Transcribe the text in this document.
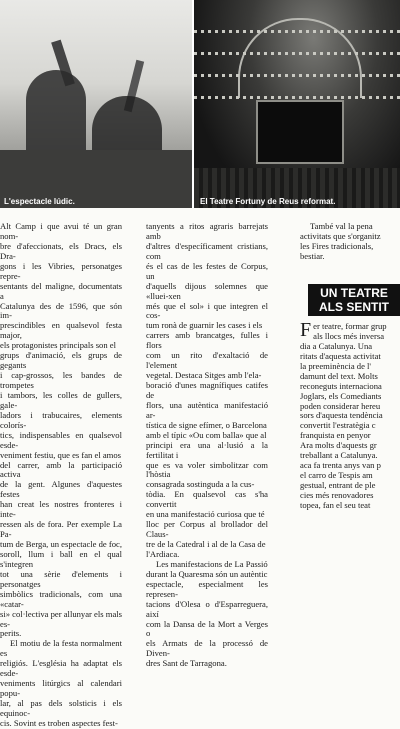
L'espectacle lúdic.	El Teatre Fortuny de Reus reformat.

Alt Camp i que avui té un gran nom-
bre d'afeccionats, els Dracs, els Dra-
gons i les Vibries, personatges repre-
sentants del maligne, documentats a
Catalunya des de 1596, que són im-
prescindibles en qualsevol festa major,
els protagonistes principals son el
grups d'animació, els grups de gegants
i cap-grossos, les bandes de trompetes
i tambors, les colles de gullers, gale-
ladors i trabucaires, elements colorís-
tics, indispensables en qualsevol esde-
veniment festiu, que es fan el amos
del carrer, amb la participació activa
de la gent. Algunes d'aquestes festes
han creat les nostres fronteres i inte-
ressen als de fora. Per exemple La Pa-
tum de Berga, un espectacle de foc,
soroll, llum i ball en el qual s'integren
tot una sèrie d'elements i personatges
simbòlics tradicionals, com una «catar-
si» col·lectiva per allunyar els mals es-
perits.

El motiu de la festa normalment es
religiós. L'església ha adaptat els esde-
veniments litúrgics al calendari popu-
lar, al pas dels solsticis i els equinoc-
cis. Sovint es troben aspectes fest-

tanyents a ritos agraris barrejats amb
d'altres d'específicament cristians, com
és el cas de les festes de Corpus, un
d'aquells dijous solemnes que «lluei-xen
més que el sol» i que integren el cos-
tum ronà de guarnir les cases i els
carrers amb brancatges, fulles i flors
com un rito d'exaltació de l'element
vegetal. Destaca Sitges amb l'ela-
boració d'unes magnífiques catifes de
flors, una autèntica manifestació ar-
tística de signe efímer, o Barcelona
amb el típic «Ou com balla» que al
principi era una al·lusió a la fertilitat i
que es va voler simbolitzar com l'hòstia
consagrada sostinguda a la cus-
tòdia. En qualsevol cas s'ha convertit
en una manifestació curiosa que té
lloc per Corpus al brollador del Claus-
tre de la Catedral i al de la Casa de
l'Ardiaca.

Les manifestacions de La Passió
durant la Quaresma són un autèntic
espectacle, especialment les represen-
tacions d'Olesa o d'Esparreguera, així
com la Dansa de la Mort a Verges o
els Armats de la processó de Diven-
dres Sant de Tarragona.

També val la pena
activitats que s'organitz
les Fires tradicionals,
bestiar.

UN TEATRE
ALS SENTIT
F er teatre, formar grup
als llocs més inversa
dia a Catalunya. Una
ritats d'aquesta activitat
la preeminència de l'
damunt del text. Molts
reconeguts internaciona
Joglars, els Comediants
poden considerar hereu
sors d'aquesta tendència
convertit l'estratègia c
franquista en penyor
Ara molts d'aquests gr
treballant a Catalunya.
aca fa trenta anys van p
el carro de Tespis am
gestual, entrant de ple
cies més renovadores
topea, fan el seu teat
